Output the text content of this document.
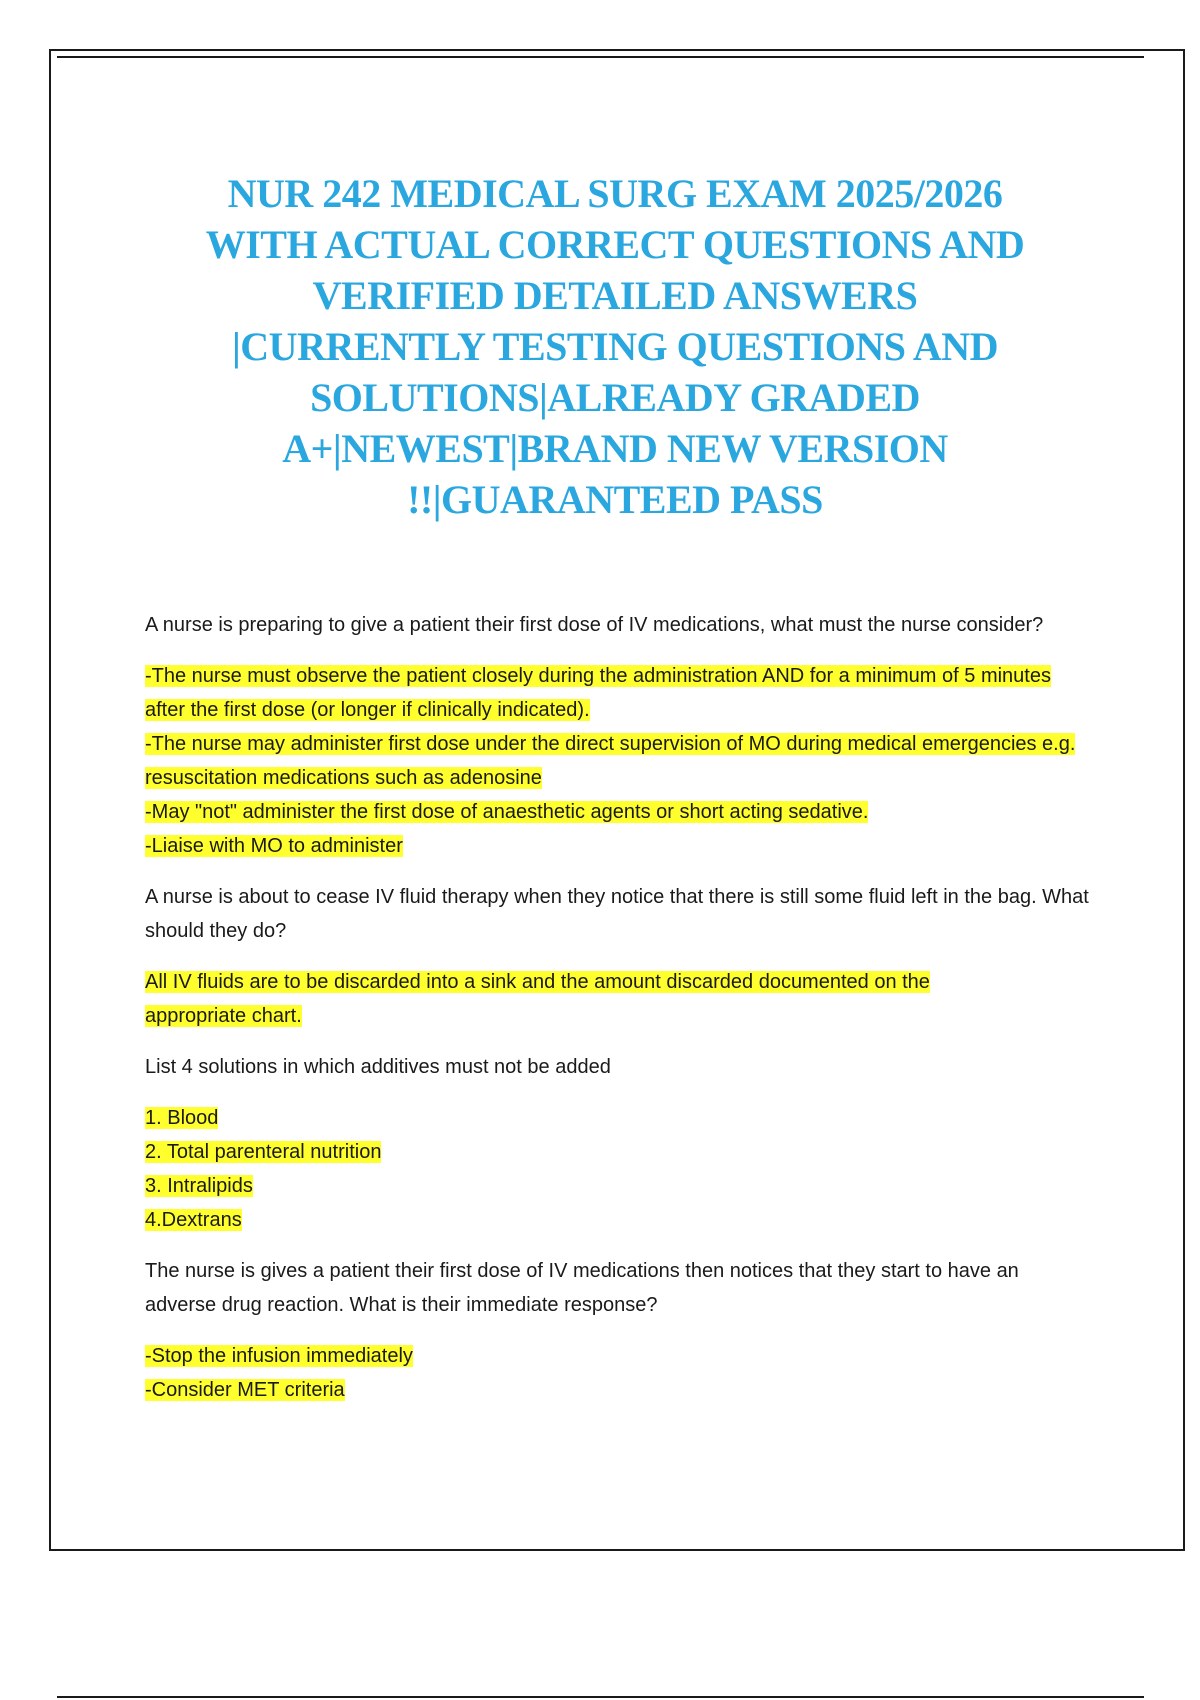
NUR 242 MEDICAL SURG EXAM 2025/2026
WITH ACTUAL CORRECT QUESTIONS AND
VERIFIED DETAILED ANSWERS
|CURRENTLY TESTING QUESTIONS AND
SOLUTIONS|ALREADY GRADED
A+|NEWEST|BRAND NEW VERSION
!!|GUARANTEED PASS

A nurse is preparing to give a patient their first dose of IV medications, what must the nurse consider?

-The nurse must observe the patient closely during the administration AND for a minimum of 5 minutes after the first dose (or longer if clinically indicated).
-The nurse may administer first dose under the direct supervision of MO during medical emergencies e.g. resuscitation medications such as adenosine
-May "not" administer the first dose of anaesthetic agents or short acting sedative.
-Liaise with MO to administer

A nurse is about to cease IV fluid therapy when they notice that there is still some fluid left in the bag. What should they do?

All IV fluids are to be discarded into a sink and the amount discarded documented on the appropriate chart.

List 4 solutions in which additives must not be added

1. Blood
2. Total parenteral nutrition
3. Intralipids
4.Dextrans

The nurse is gives a patient their first dose of IV medications then notices that they start to have an adverse drug reaction. What is their immediate response?

-Stop the infusion immediately
-Consider MET criteria
